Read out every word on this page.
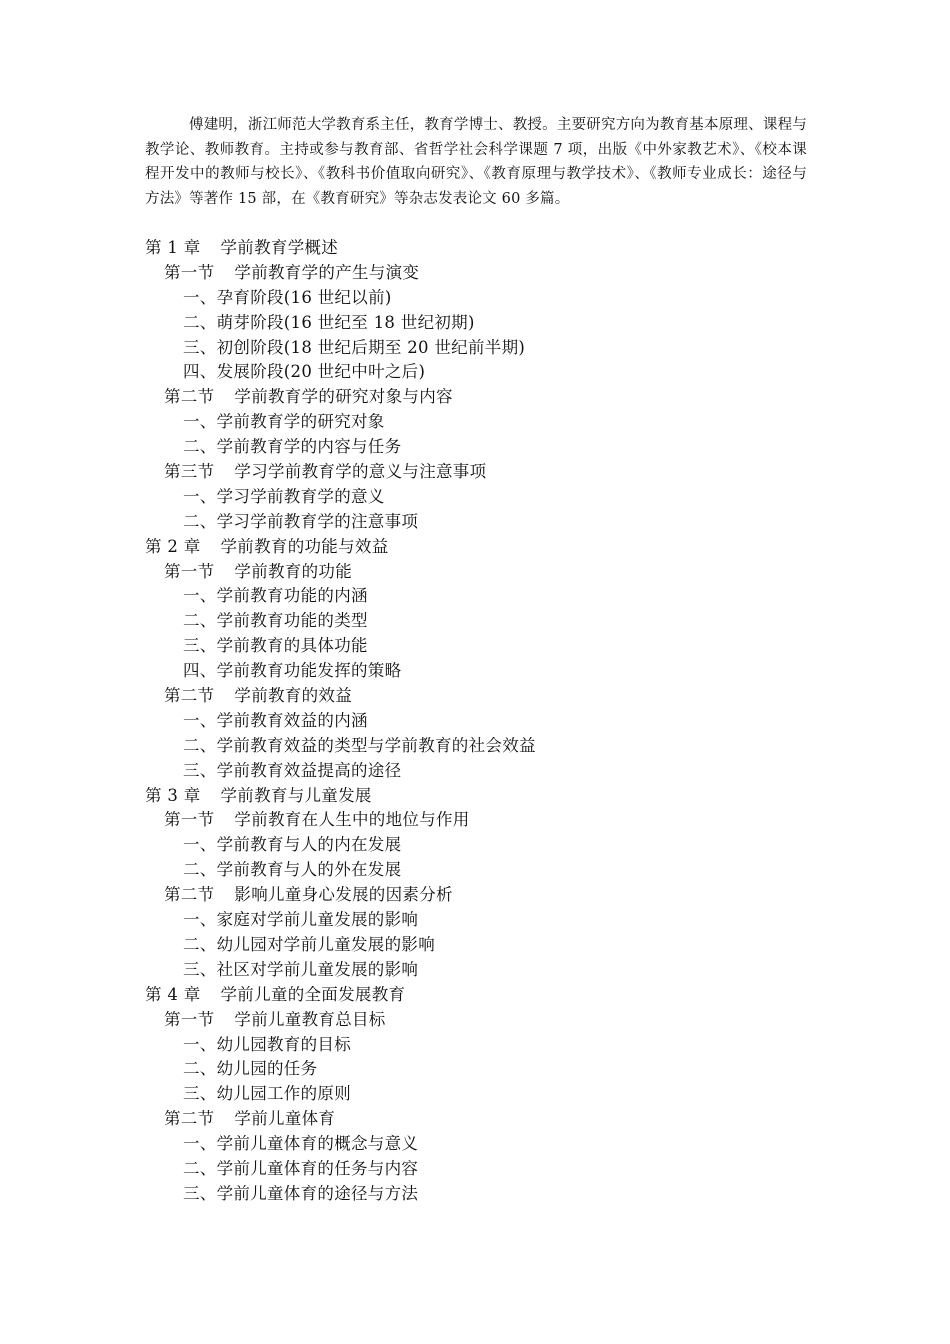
傅建明，浙江师范大学教育系主任，教育学博士、教授。主要研究方向为教育基本原理、课程与教学论、教师教育。主持或参与教育部、省哲学社会科学课题 7 项，出版《中外家教艺术》、《校本课程开发中的教师与校长》、《教科书价值取向研究》、《教育原理与教学技术》、《教师专业成长：途径与方法》等著作 15 部，在《教育研究》等杂志发表论文 60 多篇。

第 1 章 学前教育学概述
第一节 学前教育学的产生与演变
一、孕育阶段(16 世纪以前)
二、萌芽阶段(16 世纪至 18 世纪初期)
三、初创阶段(18 世纪后期至 20 世纪前半期)
四、发展阶段(20 世纪中叶之后)
第二节 学前教育学的研究对象与内容
一、学前教育学的研究对象
二、学前教育学的内容与任务
第三节 学习学前教育学的意义与注意事项
一、学习学前教育学的意义
二、学习学前教育学的注意事项
第 2 章 学前教育的功能与效益
第一节 学前教育的功能
一、学前教育功能的内涵
二、学前教育功能的类型
三、学前教育的具体功能
四、学前教育功能发挥的策略
第二节 学前教育的效益
一、学前教育效益的内涵
二、学前教育效益的类型与学前教育的社会效益
三、学前教育效益提高的途径
第 3 章 学前教育与儿童发展
第一节 学前教育在人生中的地位与作用
一、学前教育与人的内在发展
二、学前教育与人的外在发展
第二节 影响儿童身心发展的因素分析
一、家庭对学前儿童发展的影响
二、幼儿园对学前儿童发展的影响
三、社区对学前儿童发展的影响
第 4 章 学前儿童的全面发展教育
第一节 学前儿童教育总目标
一、幼儿园教育的目标
二、幼儿园的任务
三、幼儿园工作的原则
第二节 学前儿童体育
一、学前儿童体育的概念与意义
二、学前儿童体育的任务与内容
三、学前儿童体育的途径与方法
